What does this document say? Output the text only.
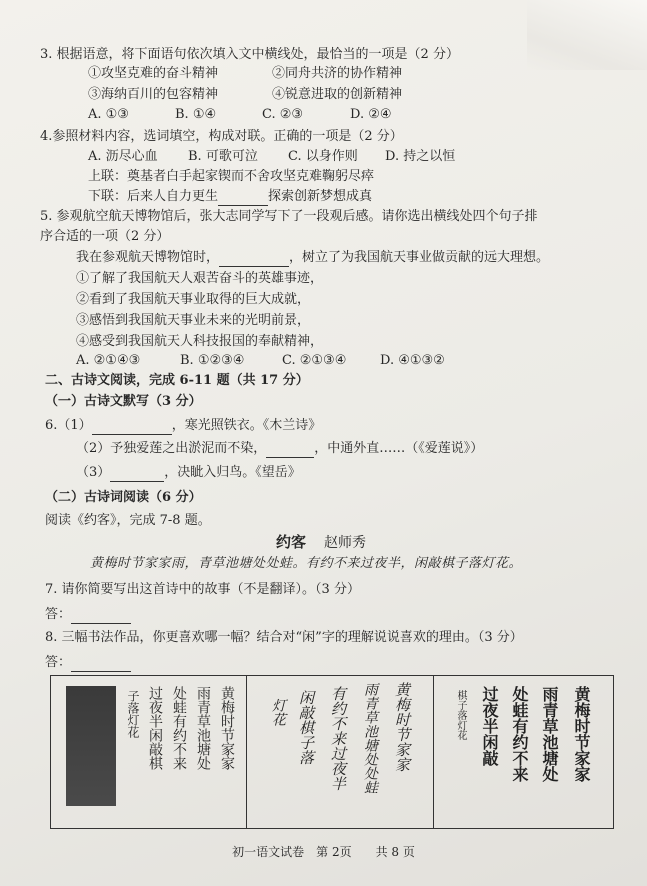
3. 根据语意，将下面语句依次填入文中横线处，最恰当的一项是（2 分）
①攻坚克难的奋斗精神	②同舟共济的协作精神
③海纳百川的包容精神	④锐意进取的创新精神
A. ①③	B. ①④	C. ②③	D. ②④
4.参照材料内容，选词填空，构成对联。正确的一项是（2 分）
A. 沥尽心血 B. 可歌可泣 C. 以身作则 D. 持之以恒
上联：奠基者白手起家锲而不舍攻坚克难鞠躬尽瘁
下联：后来人自力更生	探索创新梦想成真
5. 参观航空航天博物馆后，张大志同学写下了一段观后感。请你选出横线处四个句子排
序合适的一项（2 分）
我在参观航天博物馆时，	，树立了为我国航天事业做贡献的远大理想。
①了解了我国航天人艰苦奋斗的英雄事迹，
②看到了我国航天事业取得的巨大成就，
③感悟到我国航天事业未来的光明前景，
④感受到我国航天人科技报国的奉献精神，
A. ②①④③	B. ①②③④	C. ②①③④	D. ④①③②
二、古诗文阅读，完成 6-11 题（共 17 分）
（一）古诗文默写（3 分）
6.（1）	，寒光照铁衣。《木兰诗》
（2）予独爱莲之出淤泥而不染，	，中通外直……（《爱莲说》）
（3）	，决眦入归鸟。《望岳》
（二）古诗词阅读（6 分）
阅读《约客》，完成 7-8 题。
约客 赵师秀
黄梅时节家家雨，青草池塘处处蛙。有约不来过夜半，闲敲棋子落灯花。
7. 请你简要写出这首诗中的故事（不是翻译）。（3 分）
答：
8. 三幅书法作品，你更喜欢哪一幅？结合对“闲”字的理解说说喜欢的理由。（3 分）
答：
子落灯花 过夜半闲敲棋 处蛙有约不来 雨青草池塘处 黄梅时节家家	灯花 闲敲棋子落 有约不来过夜半 雨青草池塘处处蛙 黄梅时节家家	棋子落灯花 过夜半闲敲 处蛙有约不来 雨青草池塘处 黄梅时节家家
初一语文试卷　第 2页　　共 8 页
